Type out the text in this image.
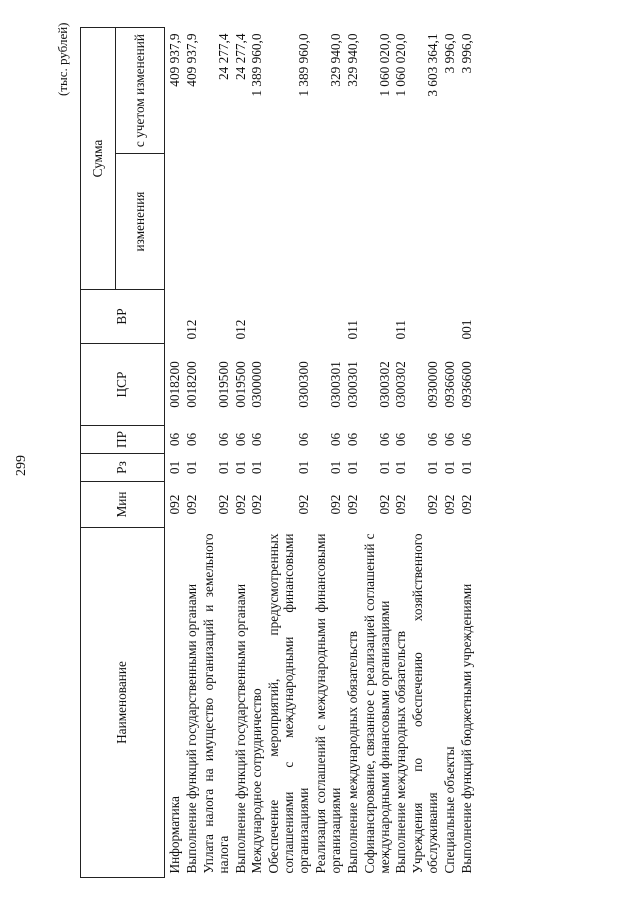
299
(тыс. рублей)
Наименование	Мин	Рз	ПР	ЦСР	ВР	Сумма	
						изменения	с учетом изменений
Информатика	092	01	06	0018200			409 937,9
Выполнение функций государственными органами	092	01	06	0018200	012		409 937,9
Уплата налога на имущество организаций и земельного налога	092	01	06	0019500			24 277,4
Выполнение функций государственными органами	092	01	06	0019500	012		24 277,4
Международное сотрудничество	092	01	06	0300000			1 389 960,0
Обеспечение мероприятий, предусмотренных соглашениями с международными финансовыми организациями	092	01	06	0300300			1 389 960,0
Реализация соглашений с международными финансовыми организациями	092	01	06	0300301			329 940,0
Выполнение международных обязательств	092	01	06	0300301	011		329 940,0
Софинансирование, связанное с реализацией соглашений с международными финансовыми организациями	092	01	06	0300302			1 060 020,0
Выполнение международных обязательств	092	01	06	0300302	011		1 060 020,0
Учреждения по обеспечению хозяйственного обслуживания	092	01	06	0930000			3 603 364,1
Специальные объекты	092	01	06	0936600			3 996,0
Выполнение функций бюджетными учреждениями	092	01	06	0936600	001		3 996,0
